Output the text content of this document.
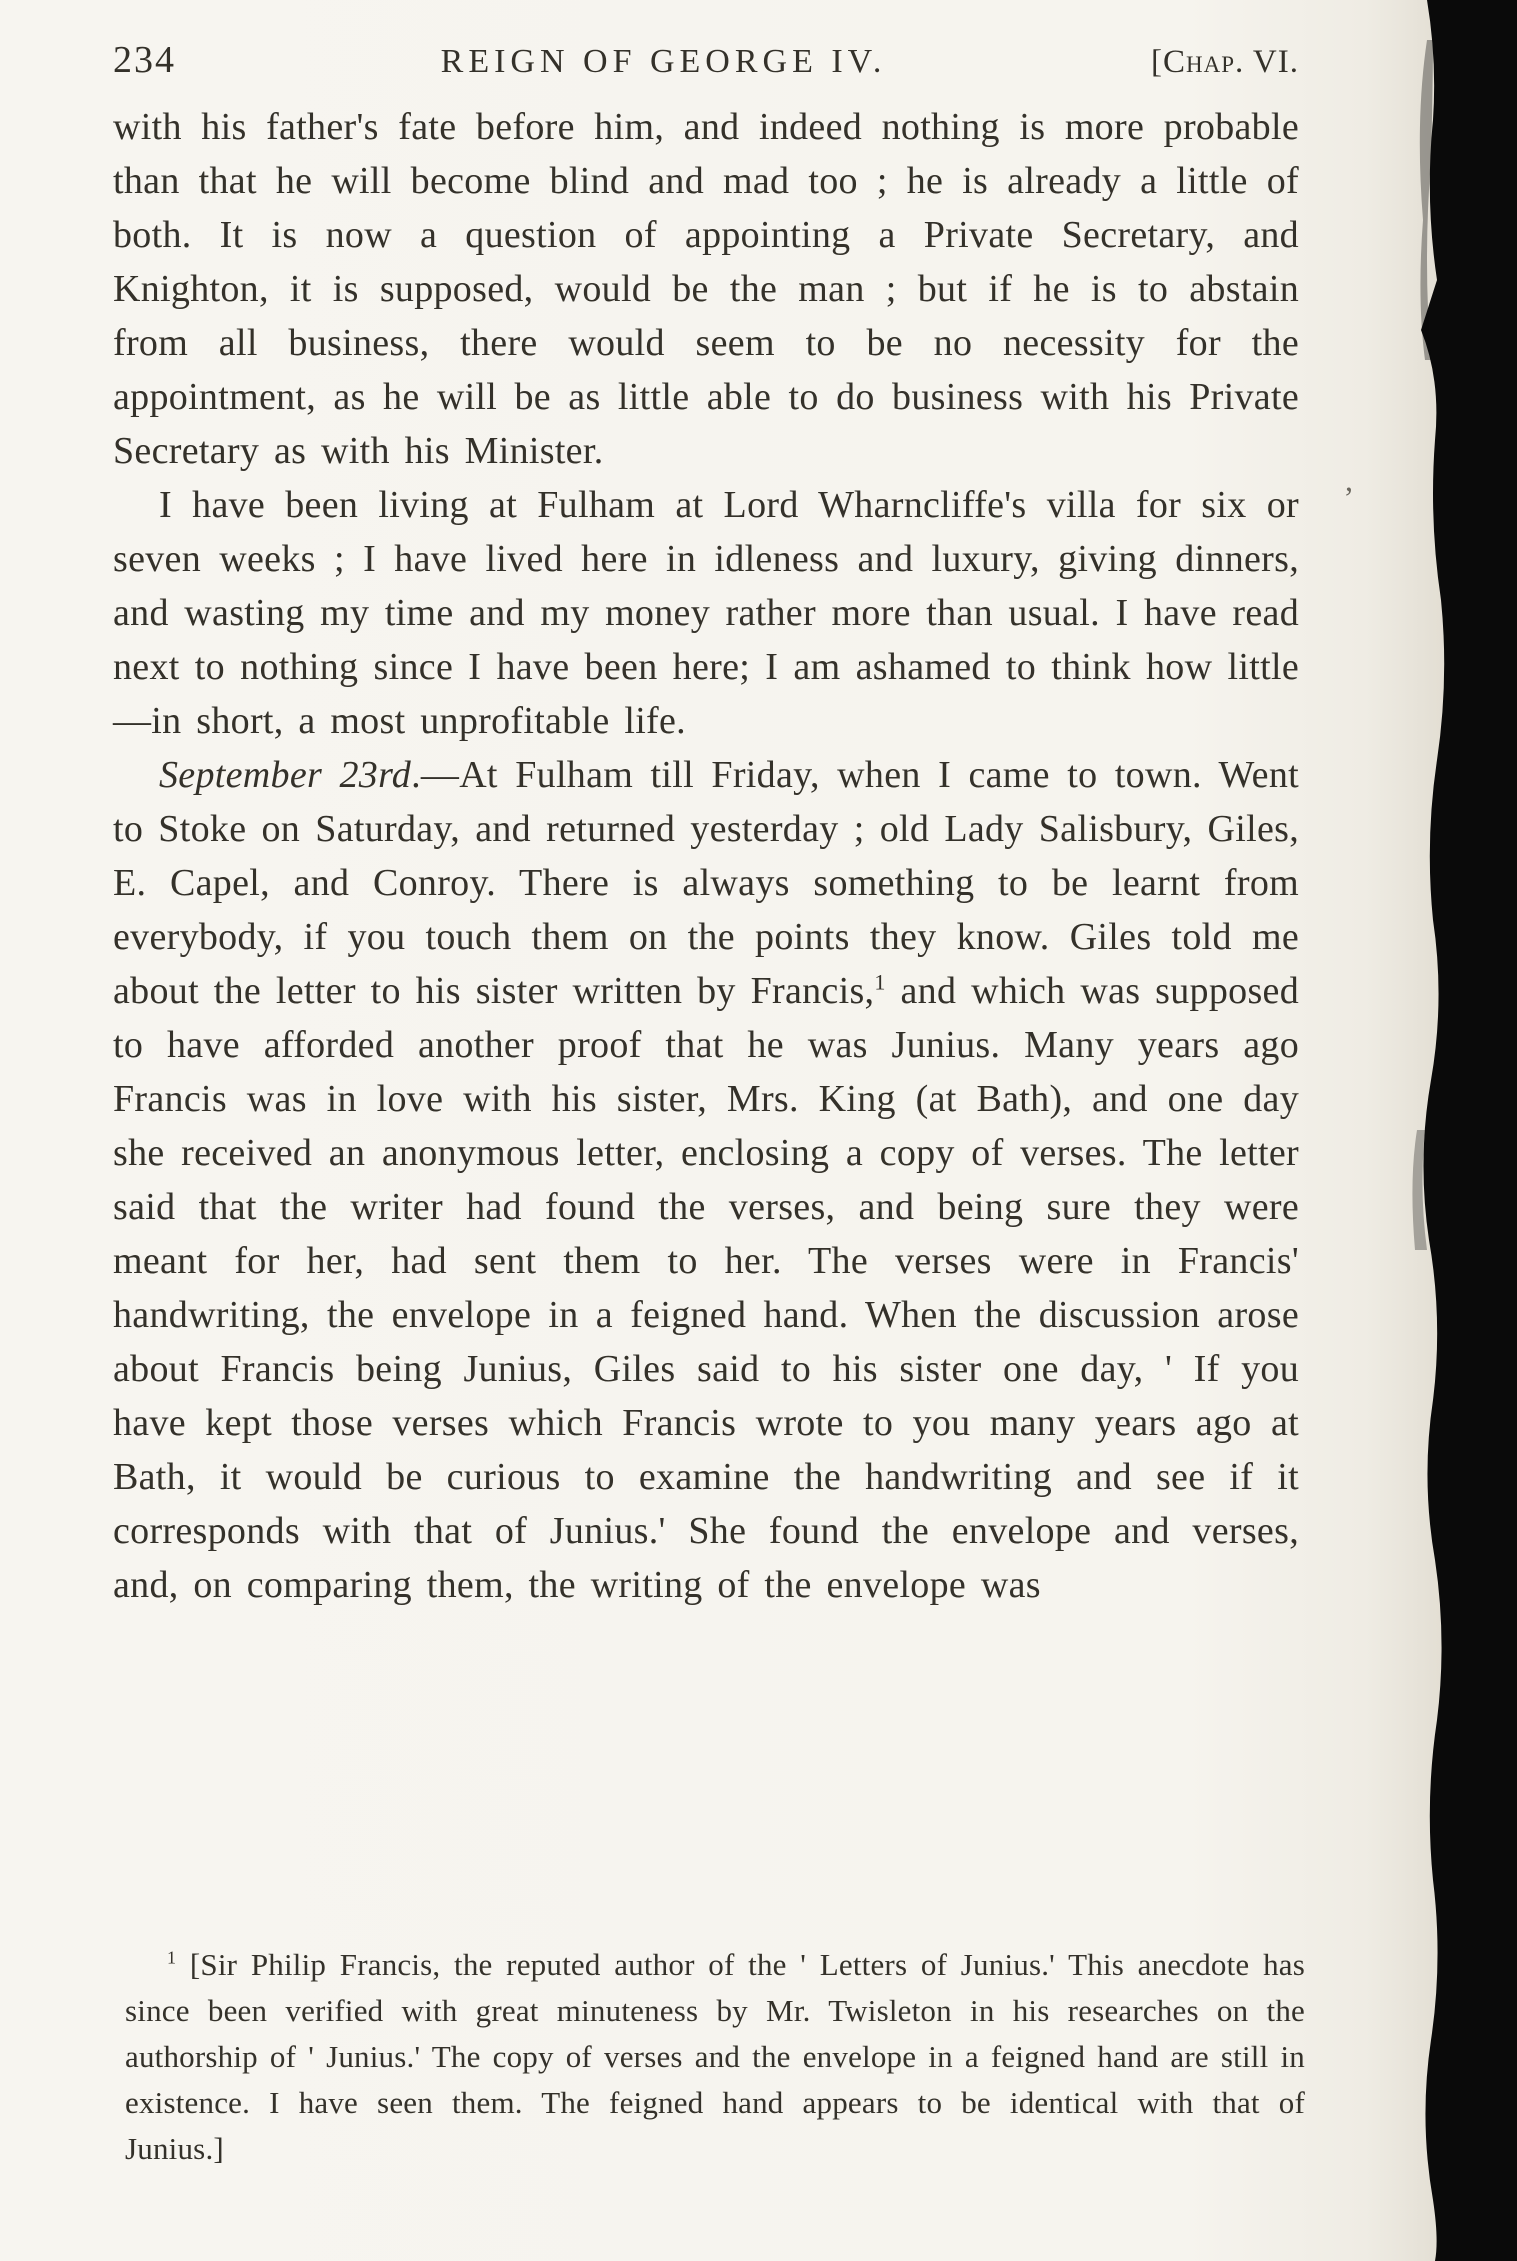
234	REIGN OF GEORGE IV.	[Chap. VI.

with his father's fate before him, and indeed nothing is more probable than that he will become blind and mad too ; he is already a little of both. It is now a question of appointing a Private Secretary, and Knighton, it is supposed, would be the man ; but if he is to abstain from all business, there would seem to be no necessity for the appointment, as he will be as little able to do business with his Private Secretary as with his Minister.

I have been living at Fulham at Lord Wharncliffe's villa for six or seven weeks ; I have lived here in idleness and luxury, giving dinners, and wasting my time and my money rather more than usual. I have read next to nothing since I have been here; I am ashamed to think how little—in short, a most unprofitable life.

September 23rd.—At Fulham till Friday, when I came to town. Went to Stoke on Saturday, and returned yesterday ; old Lady Salisbury, Giles, E. Capel, and Conroy. There is always something to be learnt from everybody, if you touch them on the points they know. Giles told me about the letter to his sister written by Francis,$^1$ and which was supposed to have afforded another proof that he was Junius. Many years ago Francis was in love with his sister, Mrs. King (at Bath), and one day she received an anonymous letter, enclosing a copy of verses. The letter said that the writer had found the verses, and being sure they were meant for her, had sent them to her. The verses were in Francis' handwriting, the envelope in a feigned hand. When the discussion arose about Francis being Junius, Giles said to his sister one day, ' If you have kept those verses which Francis wrote to you many years ago at Bath, it would be curious to examine the handwriting and see if it corresponds with that of Junius.' She found the envelope and verses, and, on comparing them, the writing of the envelope was

$^1$ [Sir Philip Francis, the reputed author of the ' Letters of Junius.' This anecdote has since been verified with great minuteness by Mr. Twisleton in his researches on the authorship of ' Junius.' The copy of verses and the envelope in a feigned hand are still in existence. I have seen them. The feigned hand appears to be identical with that of Junius.]

,
